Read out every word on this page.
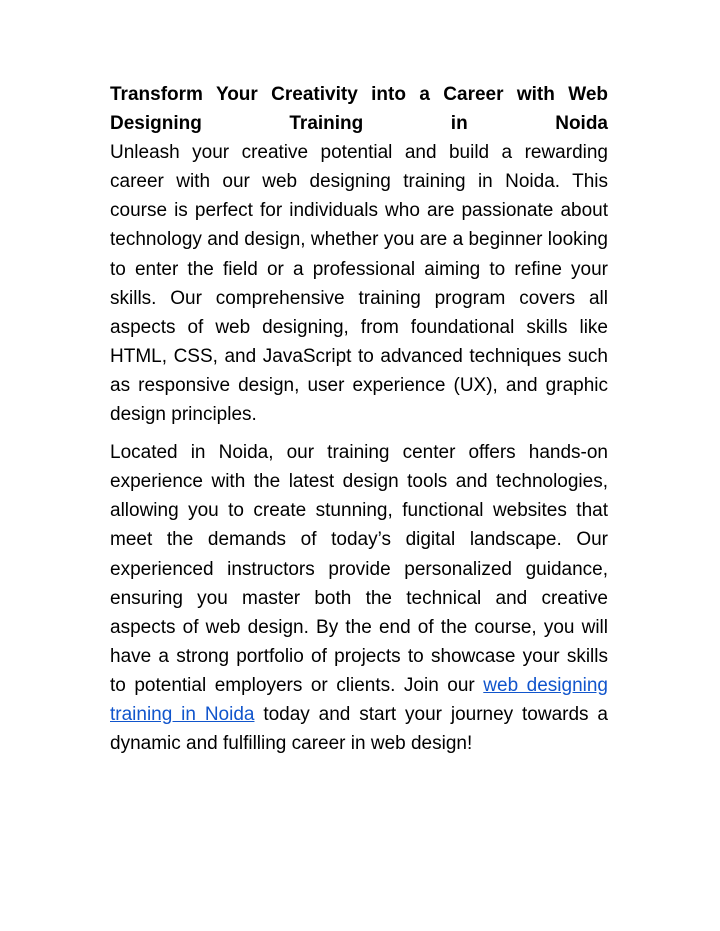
Transform Your Creativity into a Career with Web Designing Training in Noida

Unleash your creative potential and build a rewarding career with our web designing training in Noida. This course is perfect for individuals who are passionate about technology and design, whether you are a beginner looking to enter the field or a professional aiming to refine your skills. Our comprehensive training program covers all aspects of web designing, from foundational skills like HTML, CSS, and JavaScript to advanced techniques such as responsive design, user experience (UX), and graphic design principles.

Located in Noida, our training center offers hands-on experience with the latest design tools and technologies, allowing you to create stunning, functional websites that meet the demands of today’s digital landscape. Our experienced instructors provide personalized guidance, ensuring you master both the technical and creative aspects of web design. By the end of the course, you will have a strong portfolio of projects to showcase your skills to potential employers or clients. Join our web designing training in Noida today and start your journey towards a dynamic and fulfilling career in web design!
